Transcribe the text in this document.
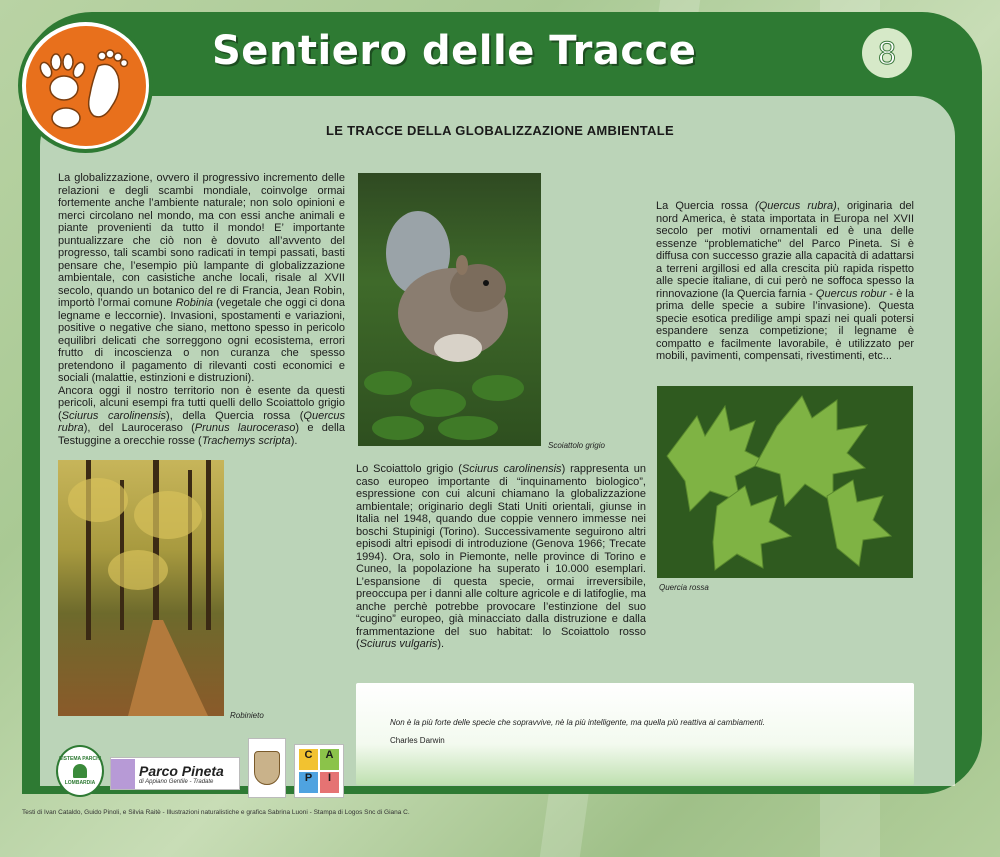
Sentiero delle Tracce	8
LE TRACCE DELLA GLOBALIZZAZIONE AMBIENTALE
La globalizzazione, ovvero il progressivo incremento delle relazioni e degli scambi mondiale, coinvolge ormai fortemente anche l’ambiente naturale; non solo opinioni e merci circolano nel mondo, ma con essi anche animali e piante provenienti da tutto il mondo! E’ importante puntualizzare che ciò non è dovuto all’avvento del progresso, tali scambi sono radicati in tempi passati, basti pensare che, l’esempio più lampante di globalizzazione ambientale, con casistiche anche locali, risale al XVII secolo, quando un botanico del re di Francia, Jean Robin, importò l’ormai comune Robinia (vegetale che oggi ci dona legname e leccornie). Invasioni, spostamenti e variazioni, positive o negative che siano, mettono spesso in pericolo equilibri delicati che sorreggono ogni ecosistema, errori frutto di incoscienza o non curanza che spesso pretendono il pagamento di rilevanti costi economici e sociali (malattie, estinzioni e distruzioni).
Ancora oggi il nostro territorio non è esente da questi pericoli, alcuni esempi fra tutti quelli dello Scoiattolo grigio (Sciurus carolinensis), della Quercia rossa (Quercus rubra), del Lauroceraso (Prunus lauroceraso) e della Testuggine a orecchie rosse (Trachemys scripta).	Scoiattolo grigio
Robinieto
Lo Scoiattolo grigio (Sciurus carolinensis) rappresenta un caso europeo importante di “inquinamento biologico”, espressione con cui alcuni chiamano la globalizzazione ambientale; originario degli Stati Uniti orientali, giunse in Italia nel 1948, quando due coppie vennero immesse nei boschi Stupinigi (Torino). Successivamente seguirono altri episodi altri episodi di introduzione (Genova 1966; Trecate 1994). Ora, solo in Piemonte, nelle province di Torino e Cuneo, la popolazione ha superato i 10.000 esemplari. L’espansione di questa specie, ormai irreversibile, preoccupa per i danni alle colture agricole e di latifoglie, ma anche perchè potrebbe provocare l’estinzione del suo “cugino” europeo, già minacciato dalla distruzione e dalla frammentazione del suo habitat: lo Scoiattolo rosso (Sciurus vulgaris).
La Quercia rossa (Quercus rubra), originaria del nord America, è stata importata in Europa nel XVII secolo per motivi ornamentali ed è una delle essenze “problematiche” del Parco Pineta. Si è diffusa con successo grazie alla capacità di adattarsi a terreni argillosi ed alla crescita più rapida rispetto alle specie italiane, di cui però ne soffoca spesso la rinnovazione (la Quercia farnia - Quercus robur - è la prima delle specie a subire l’invasione). Questa specie esotica predilige ampi spazi nei quali potersi espandere senza competizione; il legname è compatto e facilmente lavorabile, è utilizzato per mobili, pavimenti, compensati, rivestimenti, etc...
Quercia rossa
Non è la più forte delle specie che sopravvive, nè la più intelligente, ma quella più reattiva ai cambiamenti.
Charles Darwin
SISTEMA PARCHI
LOMBARDIA
Parco Pineta
di Appiano Gentile - Tradate
C	A
P	I
Testi di Ivan Cataldo, Guido Pinoli, e Silvia Raitè - Illustrazioni naturalistiche e grafica Sabrina Luoni - Stampa di Logos Snc di Giana C.
